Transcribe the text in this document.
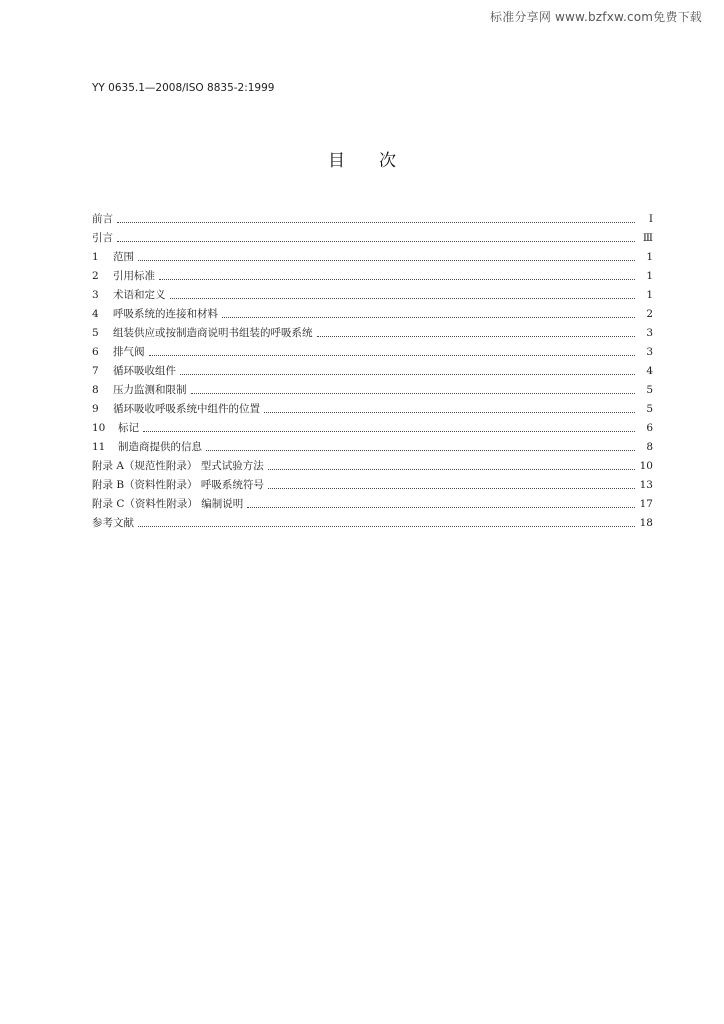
标准分享网 www.bzfxw.com免费下载
YY 0635.1—2008/ISO 8835-2:1999
目次
前言	I
引言	Ⅲ
1	范围	1
2	引用标准	1
3	术语和定义	1
4	呼吸系统的连接和材料	2
5	组装供应或按制造商说明书组装的呼吸系统	3
6	排气阀	3
7	循环吸收组件	4
8	压力监测和限制	5
9	循环吸收呼吸系统中组件的位置	5
10	标记	6
11	制造商提供的信息	8
附录 A（规范性附录） 型式试验方法	10
附录 B（资料性附录） 呼吸系统符号	13
附录 C（资料性附录） 编制说明	17
参考文献	18
